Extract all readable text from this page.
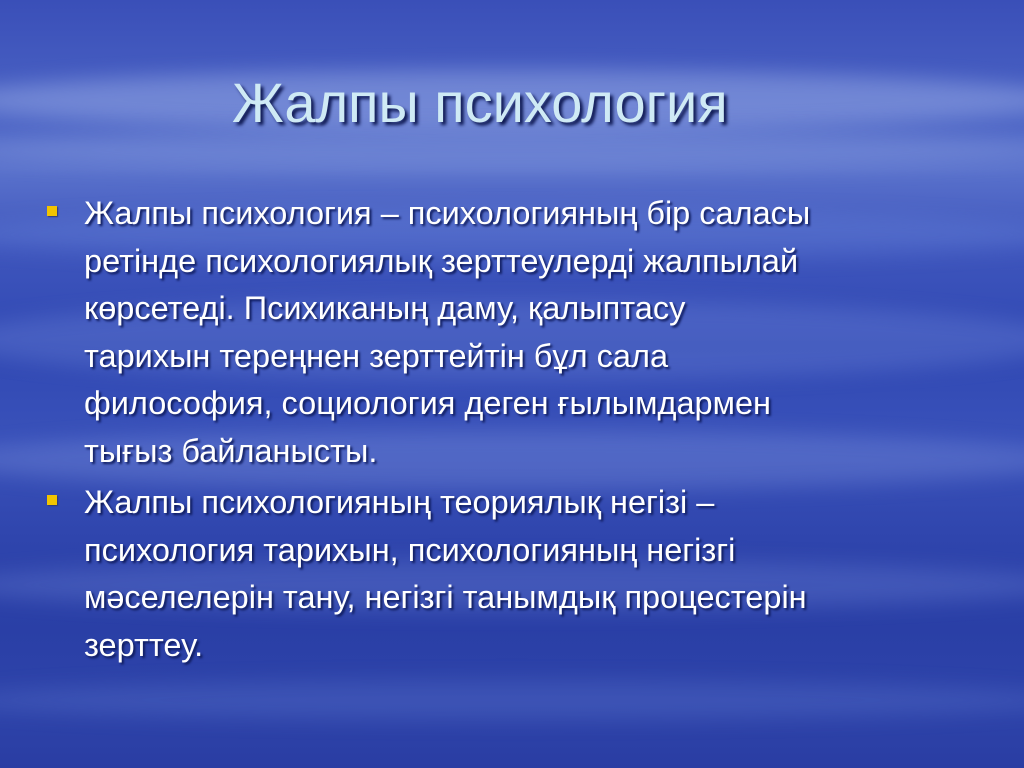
Жалпы психология
Жалпы психология – психологияның бір саласы
ретінде психологиялық зерттеулерді жалпылай
көрсетеді. Психиканың даму, қалыптасу
тарихын тереңнен зерттейтін бұл сала
философия, социология деген ғылымдармен
тығыз байланысты.
Жалпы психологияның теориялық негізі –
психология тарихын, психологияның негізгі
мәселелерін тану, негізгі танымдық процестерін
зерттеу.
